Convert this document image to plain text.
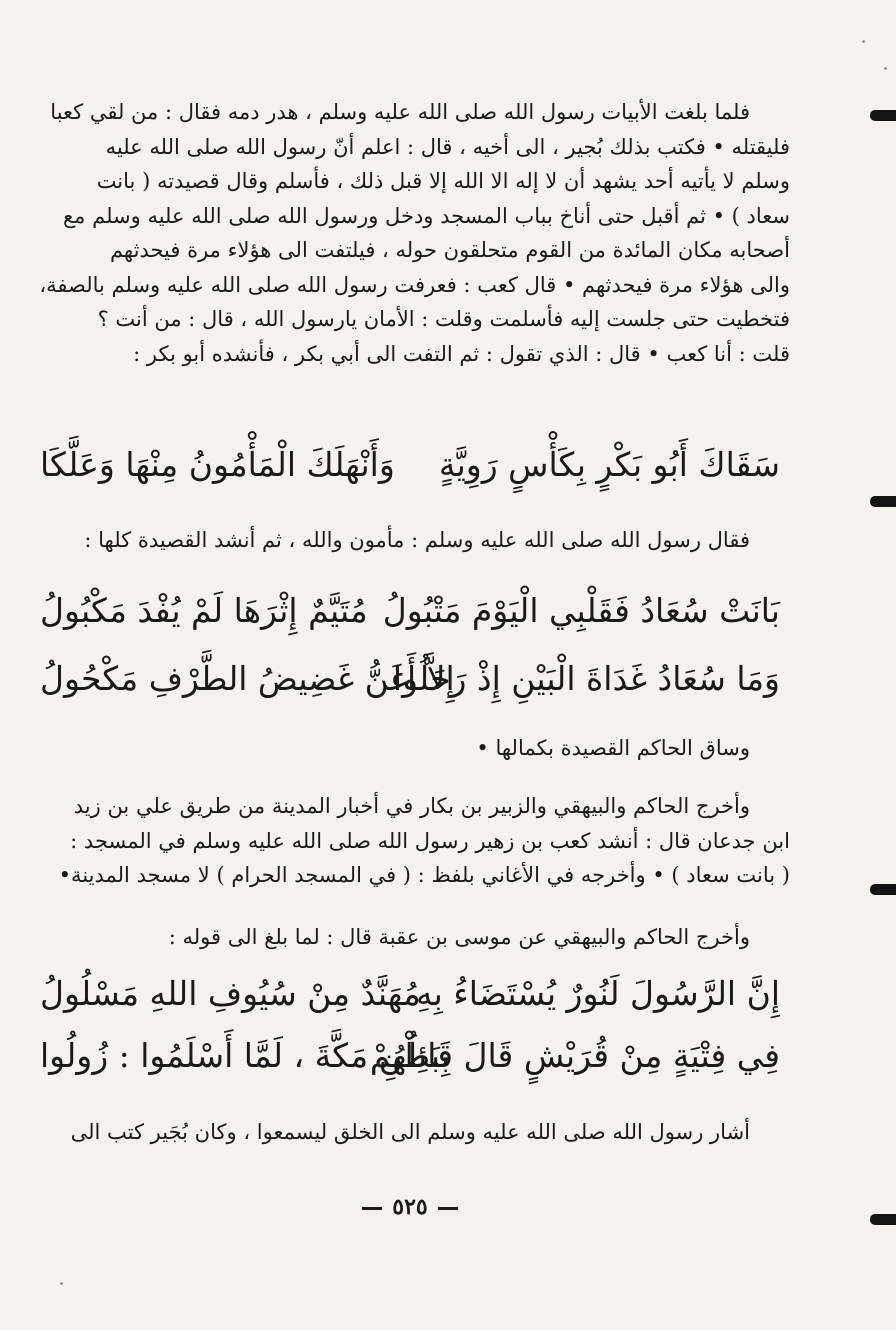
فلما بلغت الأبيات رسول الله صلى الله عليه وسلم ، هدر دمه فقال : من لقي كعبا

فليقتله • فكتب بذلك بُجير ، الى أخيه ، قال : اعلم أنّ رسول الله صلى الله عليه

وسلم لا يأتيه أحد يشهد أن لا إله الا الله إلا قبل ذلك ، فأسلم وقال قصيدته ( بانت

سعاد ) • ثم أقبل حتى أناخ بباب المسجد ودخل ورسول الله صلى الله عليه وسلم مع

أصحابه مكان المائدة من القوم متحلقون حوله ، فيلتفت الى هؤلاء مرة فيحدثهم

والى هؤلاء مرة فيحدثهم • قال كعب : فعرفت رسول الله صلى الله عليه وسلم بالصفة،

فتخطيت حتى جلست إليه فأسلمت وقلت : الأمان يارسول الله ، قال : من أنت ؟

قلت : أنا كعب • قال : الذي تقول : ثم التفت الى أبي بكر ، فأنشده أبو بكر :

سَقَاكَ أَبُو بَكْرٍ بِكَأْسٍ رَوِيَّةٍ
وَأَنْهَلَكَ الْمَأْمُونُ مِنْهَا وَعَلَّكَا

فقال رسول الله صلى الله عليه وسلم : مأمون والله ، ثم أنشد القصيدة كلها :

بَانَتْ سُعَادُ فَقَلْبِي الْيَوْمَ مَتْبُولُ
مُتَيَّمٌ إِثْرَهَا لَمْ يُفْدَ مَكْبُولُ
وَمَا سُعَادُ غَدَاةَ الْبَيْنِ إِذْ رَحَلُوا
إِلاَّ أَغَنُّ غَضِيضُ الطَّرْفِ مَكْحُولُ

وساق الحاكم القصيدة بكمالها •

وأخرج الحاكم والبيهقي والزبير بن بكار في أخبار المدينة من طريق علي بن زيد

ابن جدعان قال : أنشد كعب بن زهير رسول الله صلى الله عليه وسلم في المسجد :

( بانت سعاد ) • وأخرجه في الأغاني بلفظ : ( في المسجد الحرام ) لا مسجد المدينة•

وأخرج الحاكم والبيهقي عن موسى بن عقبة قال : لما بلغ الى قوله :

إِنَّ الرَّسُولَ لَنُورٌ يُسْتَضَاءُ بِهِ
مُهَنَّدٌ مِنْ سُيُوفِ اللهِ مَسْلُولُ
فِي فِتْيَةٍ مِنْ قُرَيْشٍ قَالَ قَائِلُهُمْ
بِبَطْنِ مَكَّةَ ، لَمَّا أَسْلَمُوا : زُولُوا

أشار رسول الله صلى الله عليه وسلم الى الخلق ليسمعوا ، وكان بُجَير كتب الى

٥٢٥
